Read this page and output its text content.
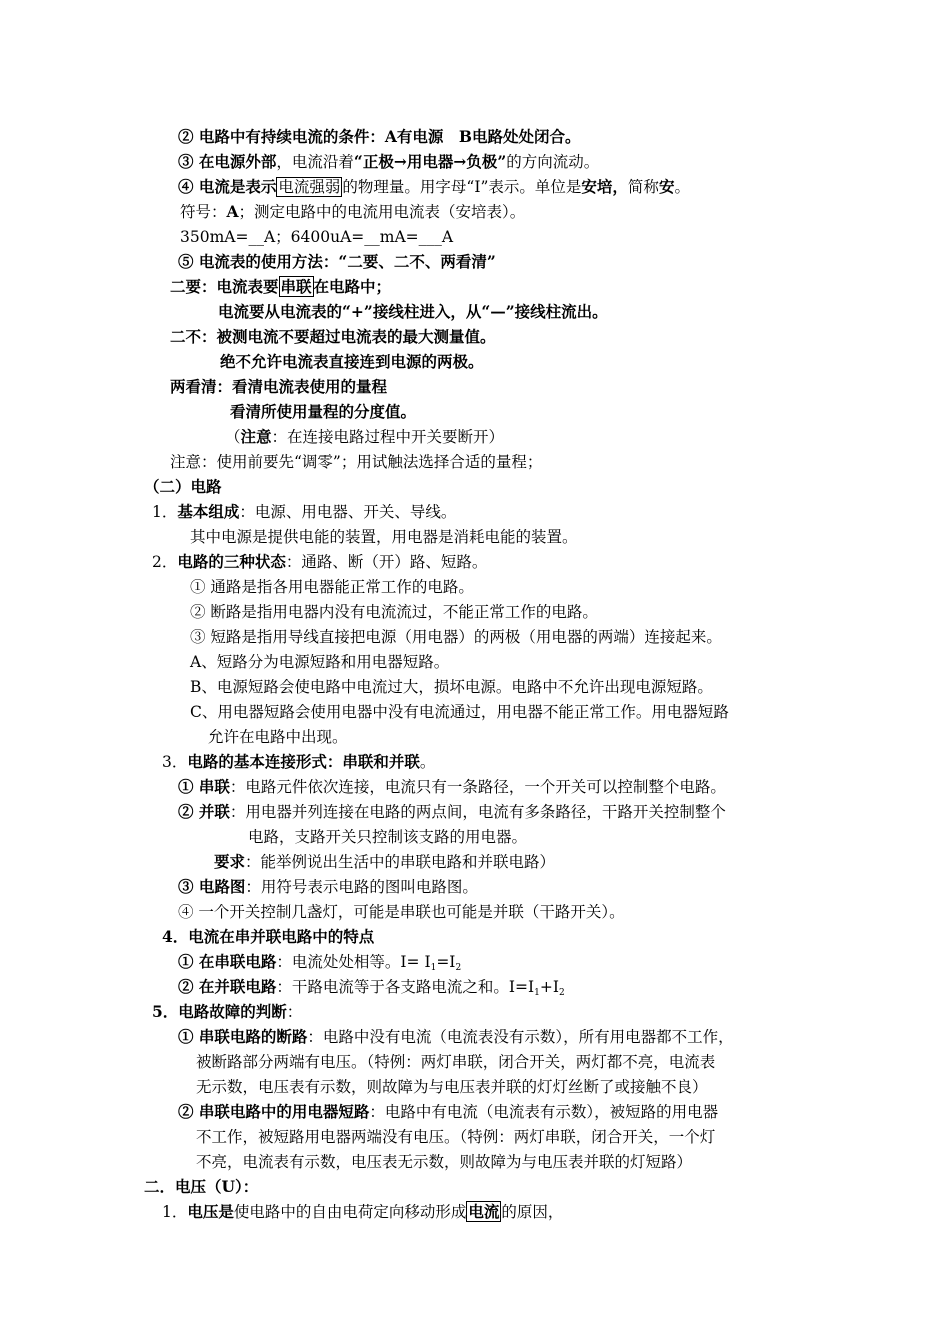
② 电路中有持续电流的条件：A有电源　B电路处处闭合。
③ 在电源外部，电流沿着“正极→用电器→负极”的方向流动。
④ 电流是表示 电流强弱 的物理量。用字母“I”表示。单位是安培，简称安。
符号：A；测定电路中的电流用电流表（安培表）。
350mA=__A；6400uA=__mA=___A
⑤ 电流表的使用方法：“二要、二不、两看清”
二要：电流表要 串联 在电路中；
电流要从电流表的“+”接线柱进入，从“—”接线柱流出。
二不：被测电流不要超过电流表的最大测量值。
绝不允许电流表直接连到电源的两极。
两看清：看清电流表使用的量程
看清所使用量程的分度值。
（注意：在连接电路过程中开关要断开）
注意：使用前要先“调零”；用试触法选择合适的量程；
（二）电路
1．基本组成：电源、用电器、开关、导线。
其中电源是提供电能的装置，用电器是消耗电能的装置。
2．电路的三种状态：通路、断（开）路、短路。
① 通路是指各用电器能正常工作的电路。
② 断路是指用电器内没有电流流过，不能正常工作的电路。
③ 短路是指用导线直接把电源（用电器）的两极（用电器的两端）连接起来。
A、短路分为电源短路和用电器短路。
B、电源短路会使电路中电流过大，损坏电源。电路中不允许出现电源短路。
C、用电器短路会使用电器中没有电流通过，用电器不能正常工作。用电器短路
允许在电路中出现。
3．电路的基本连接形式：串联和并联。
① 串联：电路元件依次连接，电流只有一条路径，一个开关可以控制整个电路。
② 并联：用电器并列连接在电路的两点间，电流有多条路径，干路开关控制整个
电路，支路开关只控制该支路的用电器。
要求：能举例说出生活中的串联电路和并联电路）
③ 电路图：用符号表示电路的图叫电路图。
④ 一个开关控制几盏灯，可能是串联也可能是并联（干路开关）。
4．电流在串并联电路中的特点
① 在串联电路：电流处处相等。$I= I_1=I_2$
② 在并联电路：干路电流等于各支路电流之和。$I=I_1+I_2$
5．电路故障的判断：
① 串联电路的断路：电路中没有电流（电流表没有示数），所有用电器都不工作，
被断路部分两端有电压。（特例：两灯串联，闭合开关，两灯都不亮，电流表
无示数，电压表有示数，则故障为与电压表并联的灯灯丝断了或接触不良）
② 串联电路中的用电器短路：电路中有电流（电流表有示数），被短路的用电器
不工作，被短路用电器两端没有电压。（特例：两灯串联，闭合开关，一个灯
不亮，电流表有示数，电压表无示数，则故障为与电压表并联的灯短路）
二．电压（U）：
1．电压是使电路中的自由电荷定向移动形成 电流 的原因，
